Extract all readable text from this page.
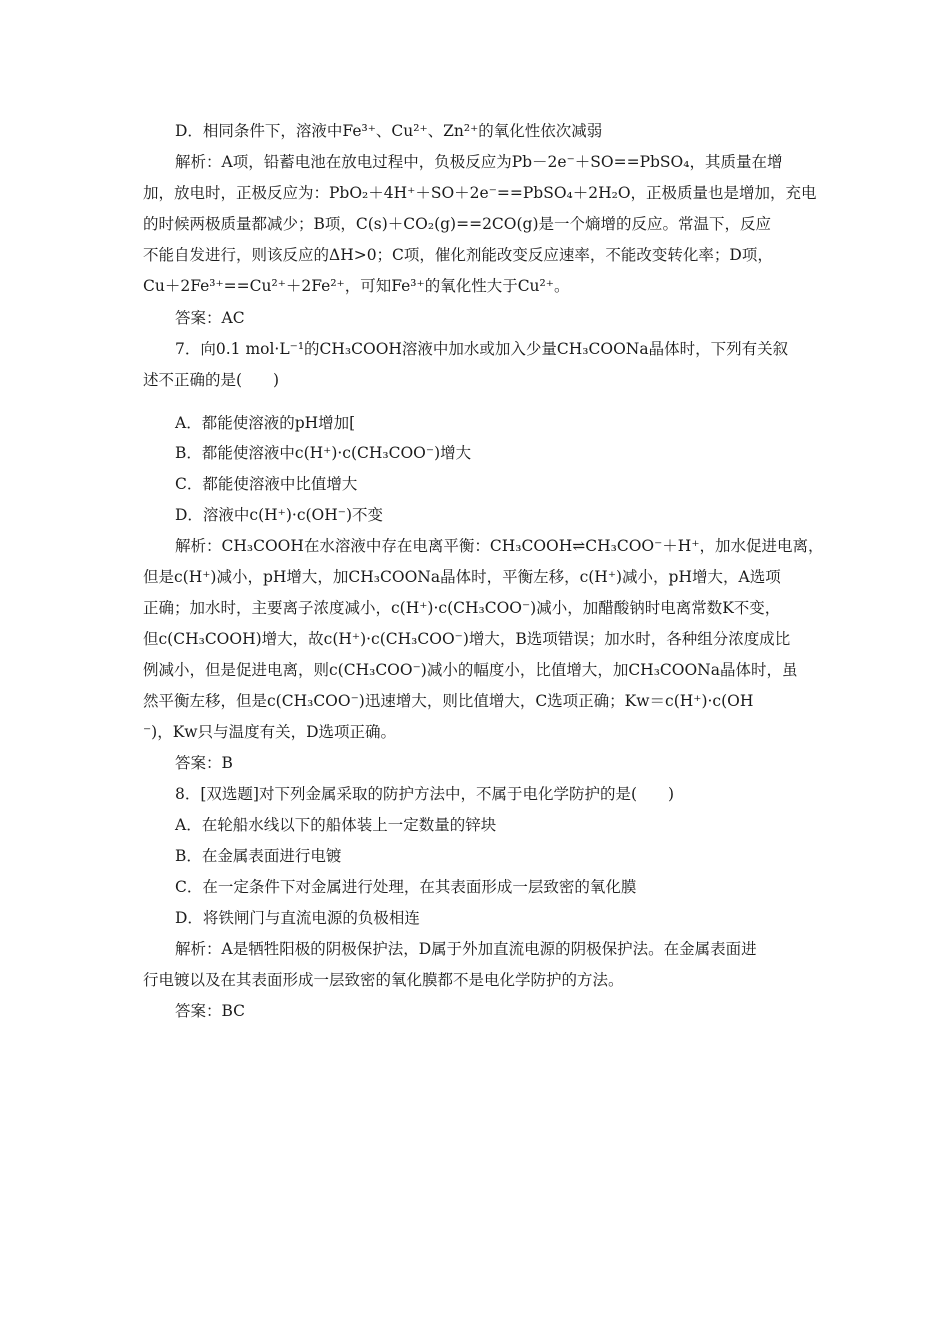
D．相同条件下，溶液中Fe³⁺、Cu²⁺、Zn²⁺的氧化性依次减弱
解析：A项，铅蓄电池在放电过程中，负极反应为Pb－2e⁻＋SO==PbSO₄，其质量在增
加，放电时，正极反应为：PbO₂＋4H⁺＋SO＋2e⁻==PbSO₄＋2H₂O，正极质量也是增加，充电
的时候两极质量都减少；B项，C(s)＋CO₂(g)==2CO(g)是一个熵增的反应。常温下，反应
不能自发进行，则该反应的ΔH>0；C项，催化剂能改变反应速率，不能改变转化率；D项，
Cu＋2Fe³⁺==Cu²⁺＋2Fe²⁺，可知Fe³⁺的氧化性大于Cu²⁺。
答案：AC
7．向0.1 mol·L⁻¹的CH₃COOH溶液中加水或加入少量CH₃COONa晶体时，下列有关叙
述不正确的是(　　)
A．都能使溶液的pH增加[
B．都能使溶液中c(H⁺)·c(CH₃COO⁻)增大
C．都能使溶液中比值增大
D．溶液中c(H⁺)·c(OH⁻)不变
解析：CH₃COOH在水溶液中存在电离平衡：CH₃COOH⇌CH₃COO⁻＋H⁺，加水促进电离，
但是c(H⁺)减小，pH增大，加CH₃COONa晶体时，平衡左移，c(H⁺)减小，pH增大，A选项
正确；加水时，主要离子浓度减小，c(H⁺)·c(CH₃COO⁻)减小，加醋酸钠时电离常数K不变，
但c(CH₃COOH)增大，故c(H⁺)·c(CH₃COO⁻)增大，B选项错误；加水时，各种组分浓度成比
例减小，但是促进电离，则c(CH₃COO⁻)减小的幅度小，比值增大，加CH₃COONa晶体时，虽
然平衡左移，但是c(CH₃COO⁻)迅速增大，则比值增大，C选项正确；Kw＝c(H⁺)·c(OH
⁻)，Kw只与温度有关，D选项正确。
答案：B
8．[双选题]对下列金属采取的防护方法中，不属于电化学防护的是(　　)
A．在轮船水线以下的船体装上一定数量的锌块
B．在金属表面进行电镀
C．在一定条件下对金属进行处理，在其表面形成一层致密的氧化膜
D．将铁闸门与直流电源的负极相连
解析：A是牺牲阳极的阴极保护法，D属于外加直流电源的阴极保护法。在金属表面进
行电镀以及在其表面形成一层致密的氧化膜都不是电化学防护的方法。
答案：BC
